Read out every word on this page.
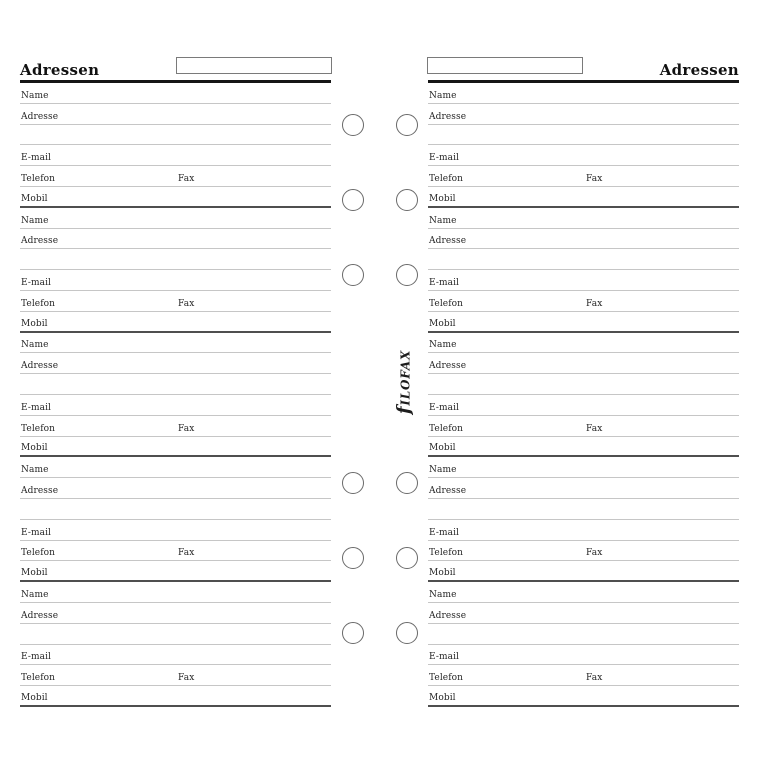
Adressen
Name
Adresse
E-mail
Telefon	Fax
Mobil
Name
Adresse
E-mail
Telefon	Fax
Mobil
Name
Adresse
E-mail
Telefon	Fax
Mobil
Name
Adresse
E-mail
Telefon	Fax
Mobil
Name
Adresse
E-mail
Telefon	Fax
Mobil
Adressen
Name
Adresse
E-mail
Telefon	Fax
Mobil
Name
Adresse
E-mail
Telefon	Fax
Mobil
Name
Adresse
E-mail
Telefon	Fax
Mobil
Name
Adresse
E-mail
Telefon	Fax
Mobil
Name
Adresse
E-mail
Telefon	Fax
Mobil
fILOFAX
